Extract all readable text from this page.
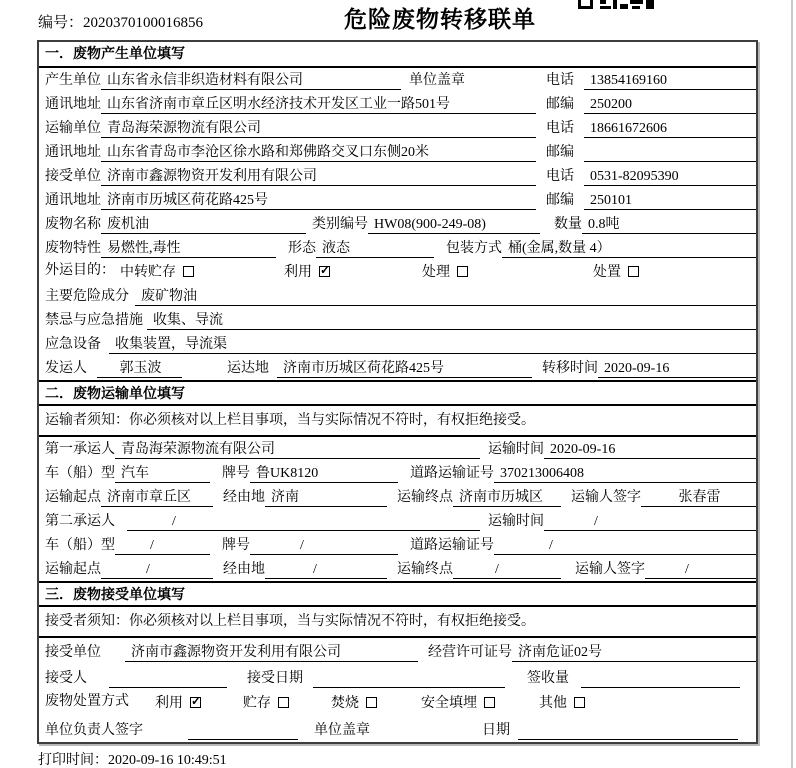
编号：2020370100016856	危险废物转移联单
一．废物产生单位填写
产生单位 山东省永信非织造材料有限公司	单位盖章	电话	13854169160
通讯地址 山东省济南市章丘区明水经济技术开发区工业一路501号	邮编	250200
运输单位 青岛海荣源物流有限公司	电话	18661672606
通讯地址 山东省青岛市李沧区徐水路和郑佛路交叉口东侧20米	邮编
接受单位 济南市鑫源物资开发利用有限公司	电话	0531-82095390
通讯地址 济南市历城区荷花路425号	邮编	250101
废物名称 废机油	类别编号 HW08(900-249-08)	数量 0.8吨
废物特性 易燃性,毒性	形态 液态	包装方式 桶(金属,数量 4）
外运目的： 中转贮存	利用 ✓	处理	处置
主要危险成分 废矿物油
禁忌与应急措施 收集、导流
应急设备	收集装置，导流渠
发运人	郭玉波	运达地	济南市历城区荷花路425号	转移时间 2020-09-16
二．废物运输单位填写
运输者须知：你必须核对以上栏目事项，当与实际情况不符时，有权拒绝接受。
第一承运人 青岛海荣源物流有限公司	运输时间 2020-09-16
车（船）型 汽车	牌号 鲁UK8120	道路运输证号 370213006408
运输起点 济南市章丘区	经由地 济南	运输终点 济南市历城区	运输人签字	张春雷
第二承运人	/	运输时间	/
车（船）型	/	牌号	/	道路运输证号	/
运输起点	/	经由地	/	运输终点	/	运输人签字	/
三．废物接受单位填写
接受者须知：你必须核对以上栏目事项，当与实际情况不符时，有权拒绝接受。
接受单位	济南市鑫源物资开发利用有限公司	经营许可证号 济南危证02号
接受人	接受日期	签收量
废物处置方式 利用 ✓	贮存	焚烧	安全填埋	其他
单位负责人签字	单位盖章	日期
打印时间：2020-09-16 10:49:51
